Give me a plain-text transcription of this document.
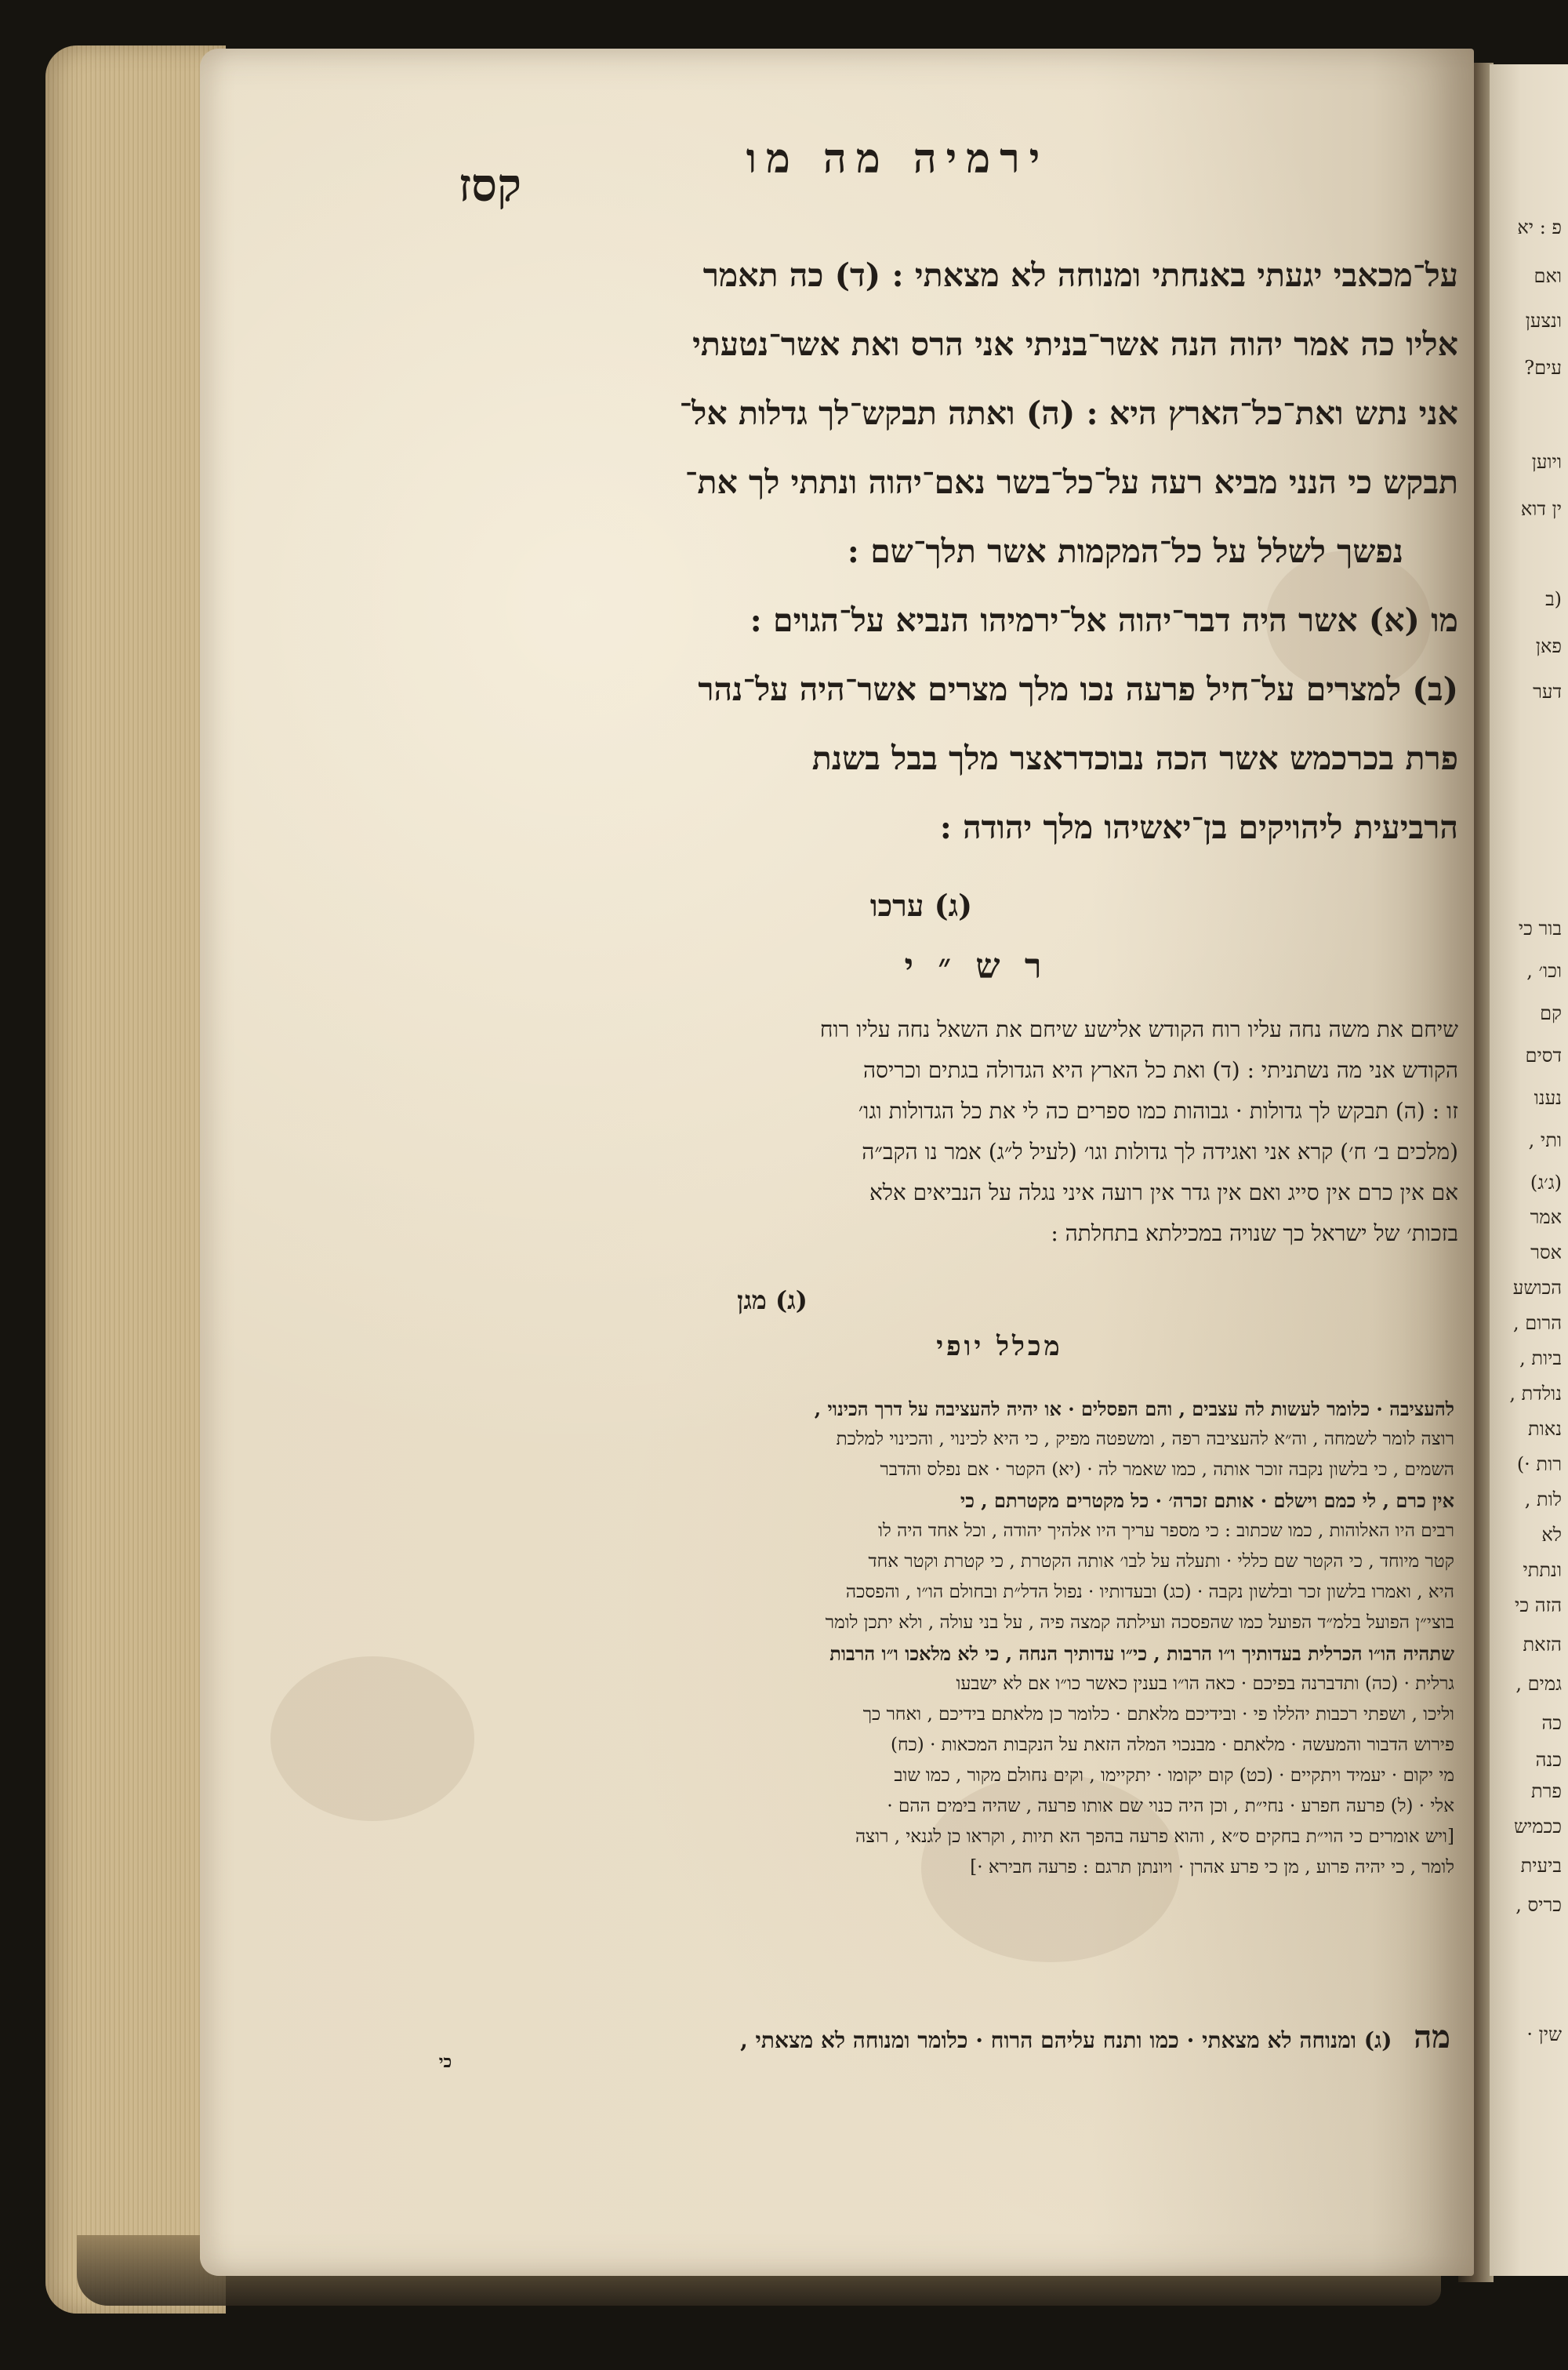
פ : יא
ואם
ונצען
עים?
ויוען
ין דוא
(ב
פאן
דער
בור כי
וכו׳ ,
קם
דסים
נענו
ותי ,
(ג׳ג)
אמר
אסר
הכושע
הרום ,
ביות ,
נולדת ,
נאות
רות ·)
לות ,
לא
ונתתי
הזה כי
הזאת
גמים ,
כה
כנה
פרת
ככמיש
ביעית
כריס ,
שין ·
ירמיה מה מו
קסז
על־מכאבי יגעתי באנחתי ומנוחה לא מצאתי : (ד) כה תאמר
אליו כה אמר יהוה הנה אשר־בניתי אני הרס ואת אשר־נטעתי
אני נתש ואת־כל־הארץ היא : (ה) ואתה תבקש־לך גדלות אל־
תבקש כי הנני מביא רעה על־כל־בשר נאם־יהוה ונתתי לך את־
נפשך לשלל על כל־המקמות אשר תלך־שם :
מו (א) אשר היה דבר־יהוה אל־ירמיהו הנביא על־הגוים :
(ב) למצרים על־חיל פרעה נכו מלך מצרים אשר־היה על־נהר
פרת בכרכמש אשר הכה נבוכדראצר מלך בבל בשנת
הרביעית ליהויקים בן־יאשיהו מלך יהודה :
(ג) ערכו
ר ש ״ י
שיחם את משה נחה עליו רוח הקודש אלישע שיחם את השאל נחה עליו רוח
הקודש אני מה נשתניתי : (ד) ואת כל הארץ היא הגדולה בגתים וכריסה
זו : (ה) תבקש לך גדולות · גבוהות כמו ספרים כה לי את כל הגדולות וגו׳
(מלכים ב׳ ח׳) קרא אני ואגידה לך גדולות וגו׳ (לעיל ל״ג) אמר נו הקב״ה
אם אין כרם אין סייג ואם אין גדר אין רועה איני נגלה על הנביאים אלא
בזכות׳ של ישראל כך שנויה במכילתא בתחלתה :
(ג) מגן
מכלל יופי
להעציבה · כלומר לעשות לה עצבים , והם הפסלים · או יהיה להעציבה על דרך הכינוי ,
רוצה לומר לשמחה , וה״א להעציבה רפה , ומשפטה מפיק , כי היא לכינוי , והכינוי למלכת
השמים , כי בלשון נקבה זוכר אותה , כמו שאמר לה · (יא) הקטר · אם נפלס והדבר
אין כרם , לי כמם וישלם · אותם זכרה׳ · כל מקטרים מקטרתם , כי
רבים היו האלוהות , כמו שכתוב : כי מספר עריך היו אלהיך יהודה , וכל אחד היה לו
קטר מיוחד , כי הקטר שם כללי · ותעלה על לבו׳ אותה הקטרת , כי קטרת וקטר אחד
היא , ואמרו בלשון זכר ובלשון נקבה · (כג) ובעדותיו · נפול הדל״ת ובחולם הו״ו , והפסכה
בוצי״ן הפועל בלמ״ד הפועל כמו שהפסכה ועילתה קמצה פיה , על בני עולה , ולא יתכן לומר
שתהיה הו״ו הכרלית בעדותיך ו״ו הרבות , כי״ו עדותיך הנחה , כי לא מלאכו ו״ו הרבות
גרלית · (כה) ותדברנה בפיכם · כאה הו״ו בענין כאשר כו״ו אם לא ישבעו
וליכו , ושפתי רכבות יהללו פי · ובידיכם מלאתם · כלומר כן מלאתם בידיכם , ואחר כך
פירוש הדבור והמעשה · מלאתם · מבנכוי המלה הזאת על הנקבות המכאות · (כח)
מי יקום · יעמיד ויתקיים · (כט) קום יקומו · יתקיימו , וקים נחולם מקור , כמו שוב
אלי · (ל) פרעה חפרע · נחי״ת , וכן היה כנוי שם אותו פרעה , שהיה בימים ההם ·
[ויש אומרים כי הוי״ת בחקים ס״א , והוא פרעה בהפך הא תיות , וקראו כן לגנאי , רוצה
לומר , כי יהיה פרוע , מן כי פרע אהרן · ויונתן תרגם : פרעה חבירא ·]
מה (ג) ומנוחה לא מצאתי · כמו ותנח עליהם הרוח · כלומר ומנוחה לא מצאתי ,
כי
